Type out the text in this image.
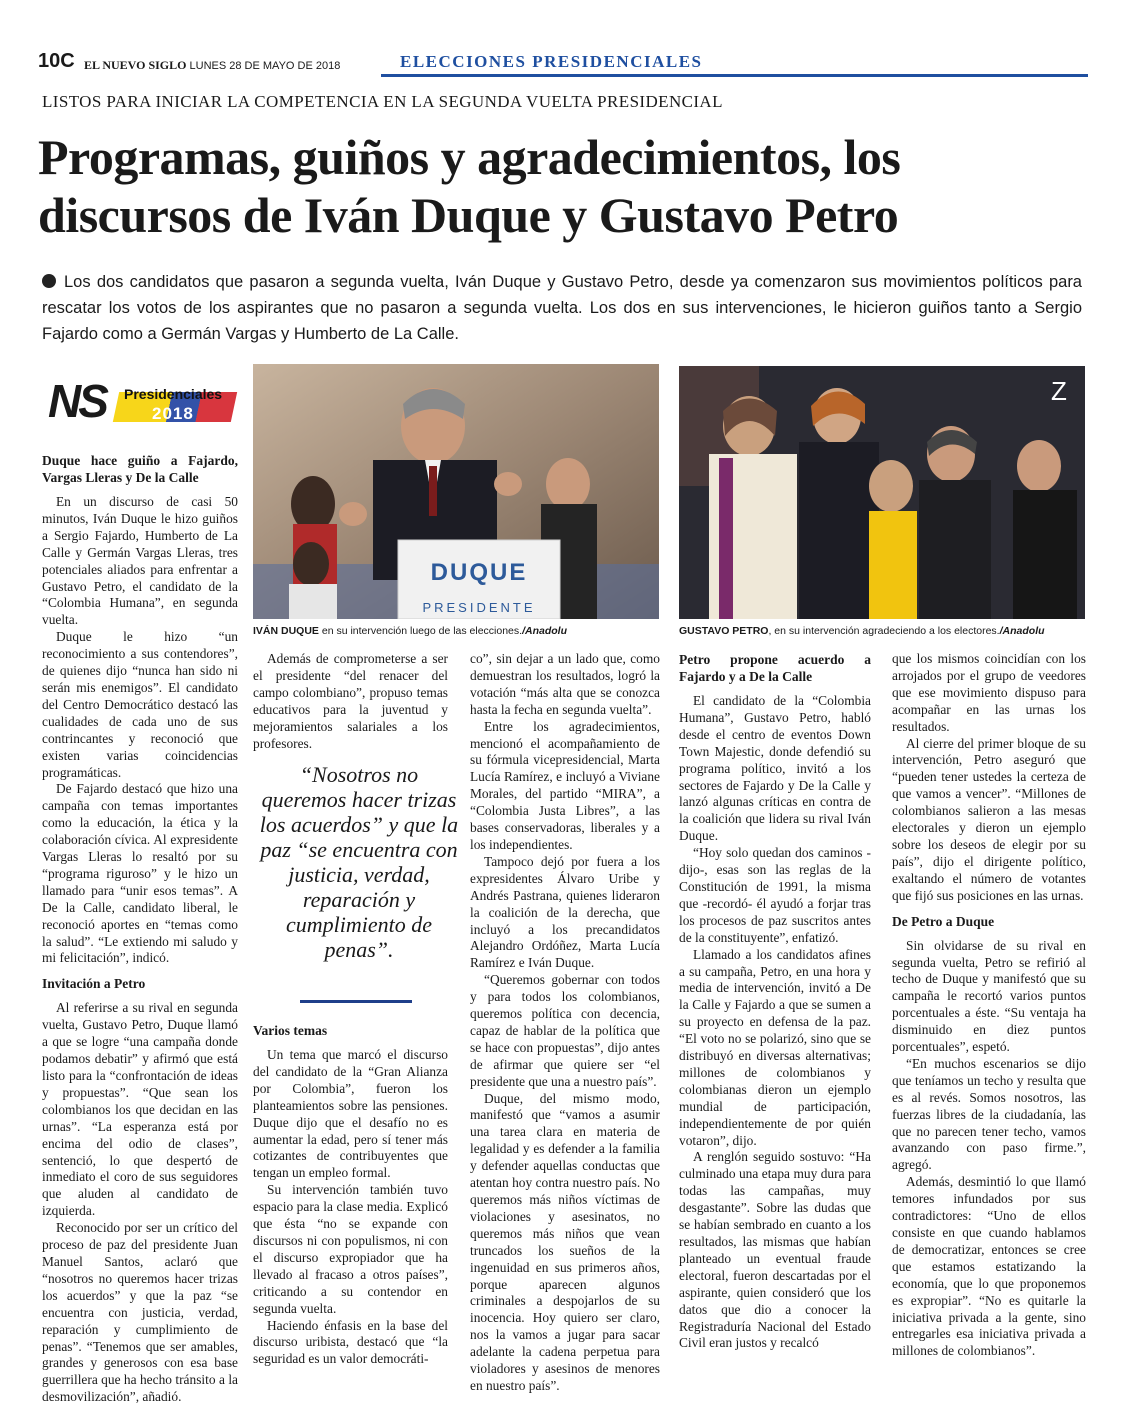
10C EL NUEVO SIGLO LUNES 28 DE MAYO DE 2018	ELECCIONES PRESIDENCIALES
LISTOS PARA INICIAR LA COMPETENCIA EN LA SEGUNDA VUELTA PRESIDENCIAL
Programas, guiños y agradecimientos, los discursos de Iván Duque y Gustavo Petro
Los dos candidatos que pasaron a segunda vuelta, Iván Duque y Gustavo Petro, desde ya comenzaron sus movimientos políticos para rescatar los votos de los aspirantes que no pasaron a segunda vuelta. Los dos en sus intervenciones, le hicieron guiños tanto a Sergio Fajardo como a Germán Vargas y Humberto de La Calle.
NS Presidenciales
2018
DUQUE
PRESIDENTE
IVÁN DUQUE en su intervención luego de las elecciones./Anadolu
Z
GUSTAVO PETRO, en su intervención agradeciendo a los electores./Anadolu
Duque hace guiño a Fajardo, Vargas Lleras y De la Calle

En un discurso de casi 50 minutos, Iván Duque le hizo guiños a Sergio Fajardo, Humberto de La Calle y Germán Vargas Lleras, tres potenciales aliados para enfrentar a Gustavo Petro, el candidato de la “Colombia Humana”, en segunda vuelta.

Duque le hizo “un reconocimiento a sus contendores”, de quienes dijo “nunca han sido ni serán mis enemigos”. El candidato del Centro Democrático destacó las cualidades de cada uno de sus contrincantes y reconoció que existen varias coincidencias programáticas.

De Fajardo destacó que hizo una campaña con temas importantes como la educación, la ética y la colaboración cívica. Al expresidente Vargas Lleras lo resaltó por su “programa riguroso” y le hizo un llamado para “unir esos temas”. A De la Calle, candidato liberal, le reconoció aportes en “temas como la salud”. “Le extiendo mi saludo y mi felicitación”, indicó.

Invitación a Petro

Al referirse a su rival en segunda vuelta, Gustavo Petro, Duque llamó a que se logre “una campaña donde podamos debatir” y afirmó que está listo para la “confrontación de ideas y propuestas”. “Que sean los colombianos los que decidan en las urnas”. “La esperanza está por encima del odio de clases”, sentenció, lo que despertó de inmediato el coro de sus seguidores que aluden al candidato de izquierda.

Reconocido por ser un crítico del proceso de paz del presidente Juan Manuel Santos, aclaró que “nosotros no queremos hacer trizas los acuerdos” y que la paz “se encuentra con justicia, verdad, reparación y cumplimiento de penas”. “Tenemos que ser amables, grandes y generosos con esa base guerrillera que ha hecho tránsito a la desmovilización”, añadió.

Además de comprometerse a ser el presidente “del renacer del campo colombiano”, propuso temas educativos para la juventud y mejoramientos salariales a los profesores.

“Nosotros no queremos hacer trizas los acuerdos” y que la paz “se encuentra con justicia, verdad, reparación y cumplimiento de penas”.
Varios temas

Un tema que marcó el discurso del candidato de la “Gran Alianza por Colombia”, fueron los planteamientos sobre las pensiones. Duque dijo que el desafío no es aumentar la edad, pero sí tener más cotizantes de contribuyentes que tengan un empleo formal.

Su intervención también tuvo espacio para la clase media. Explicó que ésta “no se expande con discursos ni con populismos, ni con el discurso expropiador que ha llevado al fracaso a otros países”, criticando a su contendor en segunda vuelta.

Haciendo énfasis en la base del discurso uribista, destacó que “la seguridad es un valor democráti-

co”, sin dejar a un lado que, como demuestran los resultados, logró la votación “más alta que se conozca hasta la fecha en segunda vuelta”.

Entre los agradecimientos, mencionó el acompañamiento de su fórmula vicepresidencial, Marta Lucía Ramírez, e incluyó a Viviane Morales, del partido “MIRA”, a “Colombia Justa Libres”, a las bases conservadoras, liberales y a los independientes.

Tampoco dejó por fuera a los expresidentes Álvaro Uribe y Andrés Pastrana, quienes lideraron la coalición de la derecha, que incluyó a los precandidatos Alejandro Ordóñez, Marta Lucía Ramírez e Iván Duque.

“Queremos gobernar con todos y para todos los colombianos, queremos política con decencia, capaz de hablar de la política que se hace con propuestas”, dijo antes de afirmar que quiere ser “el presidente que una a nuestro país”.

Duque, del mismo modo, manifestó que “vamos a asumir una tarea clara en materia de legalidad y es defender a la familia y defender aquellas conductas que atentan hoy contra nuestro país. No queremos más niños víctimas de violaciones y asesinatos, no queremos más niños que vean truncados los sueños de la ingenuidad en sus primeros años, porque aparecen algunos criminales a despojarlos de su inocencia. Hoy quiero ser claro, nos la vamos a jugar para sacar adelante la cadena perpetua para violadores y asesinos de menores en nuestro país”.

Petro propone acuerdo a Fajardo y a De la Calle

El candidato de la “Colombia Humana”, Gustavo Petro, habló desde el centro de eventos Down Town Majestic, donde defendió su programa político, invitó a los sectores de Fajardo y De la Calle y lanzó algunas críticas en contra de la coalición que lidera su rival Iván Duque.

“Hoy solo quedan dos caminos -dijo-, esas son las reglas de la Constitución de 1991, la misma que -recordó- él ayudó a forjar tras los procesos de paz suscritos antes de la constituyente”, enfatizó.

Llamado a los candidatos afines a su campaña, Petro, en una hora y media de intervención, invitó a De la Calle y Fajardo a que se sumen a su proyecto en defensa de la paz. “El voto no se polarizó, sino que se distribuyó en diversas alternativas; millones de colombianos y colombianas dieron un ejemplo mundial de participación, independientemente de por quién votaron”, dijo.

A renglón seguido sostuvo: “Ha culminado una etapa muy dura para todas las campañas, muy desgastante”. Sobre las dudas que se habían sembrado en cuanto a los resultados, las mismas que habían planteado un eventual fraude electoral, fueron descartadas por el aspirante, quien consideró que los datos que dio a conocer la Registraduría Nacional del Estado Civil eran justos y recalcó

que los mismos coincidían con los arrojados por el grupo de veedores que ese movimiento dispuso para acompañar en las urnas los resultados.

Al cierre del primer bloque de su intervención, Petro aseguró que “pueden tener ustedes la certeza de que vamos a vencer”. “Millones de colombianos salieron a las mesas electorales y dieron un ejemplo sobre los deseos de elegir por su país”, dijo el dirigente político, exaltando el número de votantes que fijó sus posiciones en las urnas.

De Petro a Duque

Sin olvidarse de su rival en segunda vuelta, Petro se refirió al techo de Duque y manifestó que su campaña le recortó varios puntos porcentuales a éste. “Su ventaja ha disminuido en diez puntos porcentuales”, espetó.

“En muchos escenarios se dijo que teníamos un techo y resulta que es al revés. Somos nosotros, las fuerzas libres de la ciudadanía, las que no parecen tener techo, vamos avanzando con paso firme.”, agregó.

Además, desmintió lo que llamó temores infundados por sus contradictores: “Uno de ellos consiste en que cuando hablamos de democratizar, entonces se cree que estamos estatizando la economía, que lo que proponemos es expropiar”. “No es quitarle la iniciativa privada a la gente, sino entregarles esa iniciativa privada a millones de colombianos”.
